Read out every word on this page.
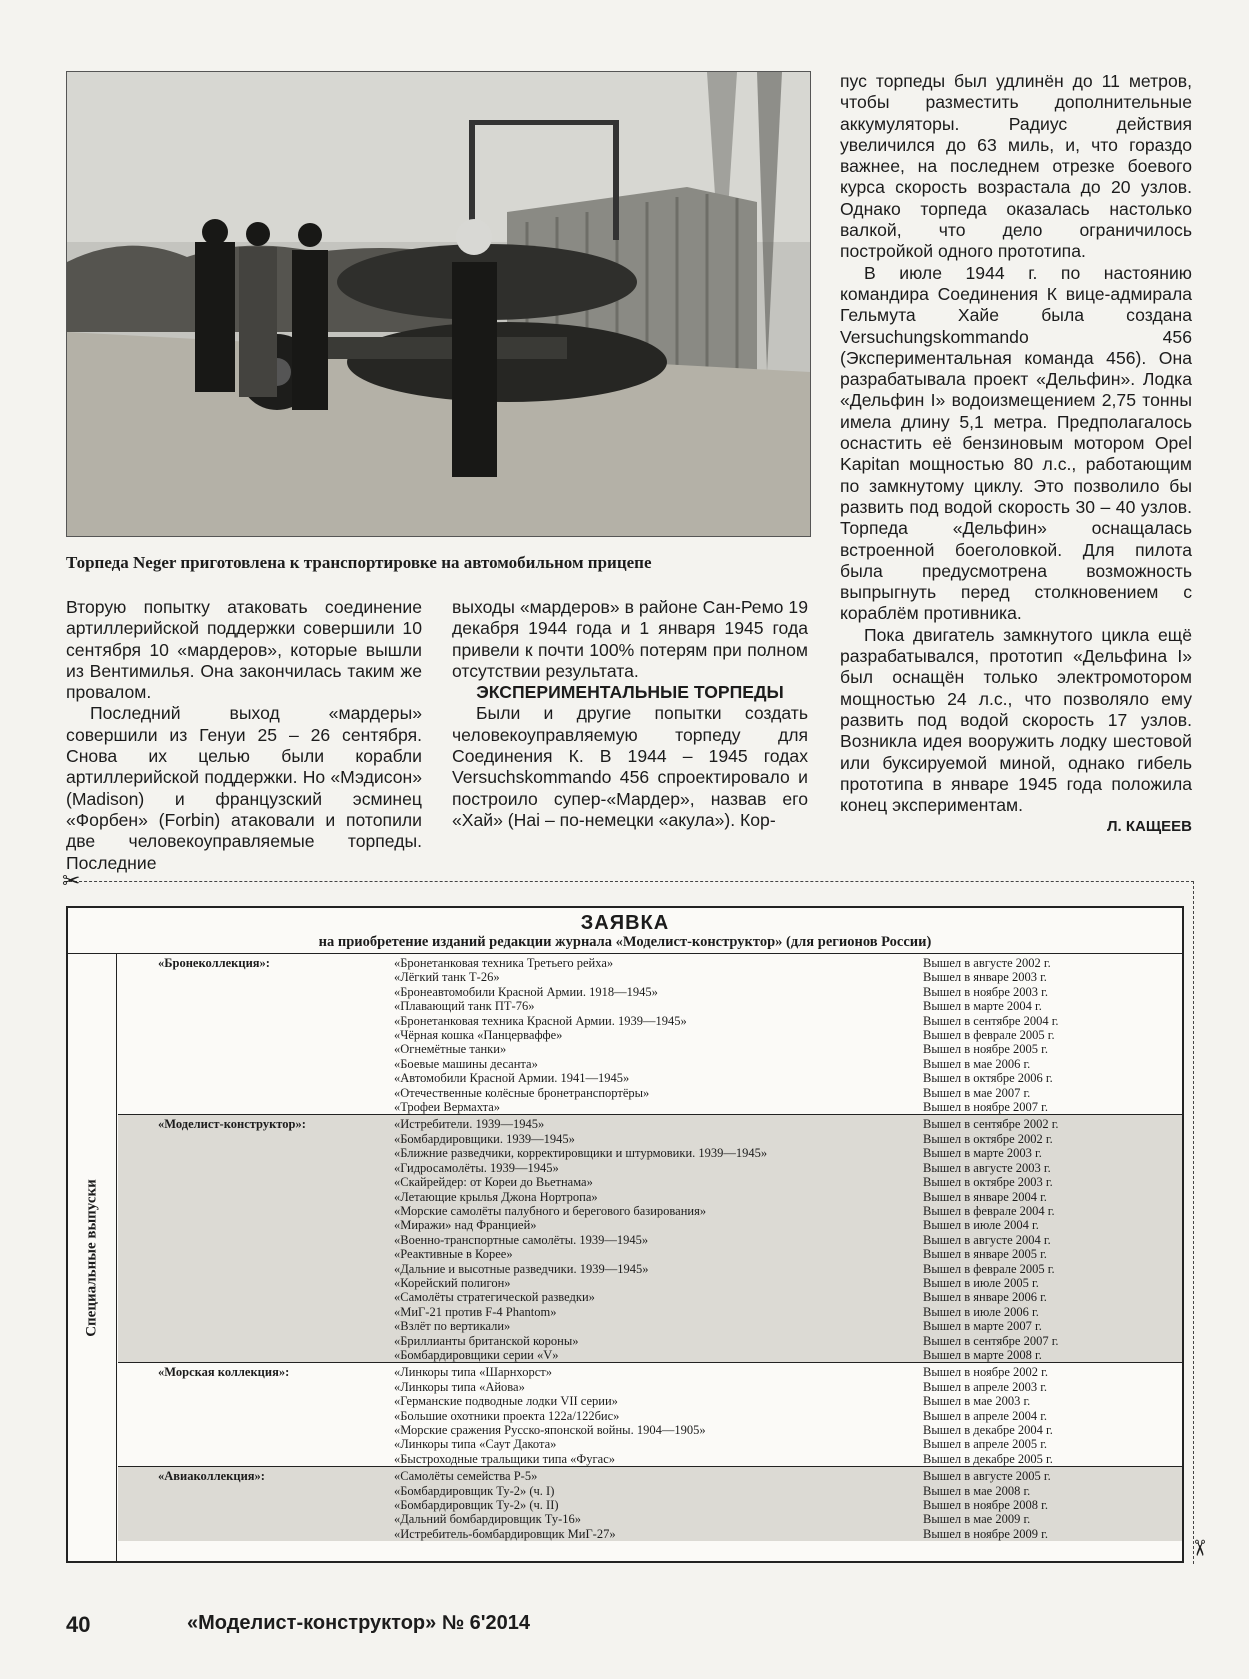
Торпеда Neger приготовлена к транспортировке на автомобильном прицепе

Вторую попытку атаковать соединение артиллерийской поддержки совершили 10 сентября 10 «мардеров», которые вышли из Вентимилья. Она закончилась таким же провалом.

Последний выход «мардеры» совершили из Генуи 25 – 26 сентября. Снова их целью были корабли артиллерийской поддержки. Но «Мэдисон» (Madison) и французский эсминец «Форбен» (Forbin) атаковали и потопили две человекоуправляемые торпеды. Последние

выходы «мардеров» в районе Сан-Ремо 19 декабря 1944 года и 1 января 1945 года привели к почти 100% потерям при полном отсутствии результата.

ЭКСПЕРИМЕНТАЛЬНЫЕ ТОРПЕДЫ

Были и другие попытки создать человекоуправляемую торпеду для Соединения К. В 1944 – 1945 годах Versuchskommando 456 спроектировало и построило супер-«Мардер», назвав его «Хай» (Hai – по-немецки «акула»). Кор-

пус торпеды был удлинён до 11 метров, чтобы разместить дополнительные аккумуляторы. Радиус действия увеличился до 63 миль, и, что гораздо важнее, на последнем отрезке боевого курса скорость возрастала до 20 узлов. Однако торпеда оказалась настолько валкой, что дело ограничилось постройкой одного прототипа.

В июле 1944 г. по настоянию командира Соединения К вице-адмирала Гельмута Хайе была создана Versuchungskommando 456 (Экспериментальная команда 456). Она разрабатывала проект «Дельфин». Лодка «Дельфин I» водоизмещением 2,75 тонны имела длину 5,1 метра. Предполагалось оснастить её бензиновым мотором Opel Kapitan мощностью 80 л.с., работающим по замкнутому циклу. Это позволило бы развить под водой скорость 30 – 40 узлов. Торпеда «Дельфин» оснащалась встроенной боеголовкой. Для пилота была предусмотрена возможность выпрыгнуть перед столкновением с кораблём противника.

Пока двигатель замкнутого цикла ещё разрабатывался, прототип «Дельфина I» был оснащён только электромотором мощностью 24 л.с., что позволяло ему развить под водой скорость 17 узлов. Возникла идея вооружить лодку шестовой или буксируемой миной, однако гибель прототипа в январе 1945 года положила конец экспериментам.

Л. КАЩЕЕВ

✂
✂
ЗАЯВКА
на приобретение изданий редакции журнала «Моделист-конструктор» (для регионов России)
Специальные выпуски
«Бронеколлекция»:	«Бронетанковая техника Третьего рейха»	Вышел в августе 2002 г.
«Лёгкий танк Т-26»	Вышел в январе 2003 г.
«Бронеавтомобили Красной Армии. 1918—1945»	Вышел в ноябре 2003 г.
«Плавающий танк ПТ-76»	Вышел в марте 2004 г.
«Бронетанковая техника Красной Армии. 1939—1945»	Вышел в сентябре 2004 г.
«Чёрная кошка «Панцерваффе»	Вышел в феврале 2005 г.
«Огнемётные танки»	Вышел в ноябре 2005 г.
«Боевые машины десанта»	Вышел в мае 2006 г.
«Автомобили Красной Армии. 1941—1945»	Вышел в октябре 2006 г.
«Отечественные колёсные бронетранспортёры»	Вышел в мае 2007 г.
«Трофеи Вермахта»	Вышел в ноябре 2007 г.
«Моделист-конструктор»:	«Истребители. 1939—1945»	Вышел в сентябре 2002 г.
«Бомбардировщики. 1939—1945»	Вышел в октябре 2002 г.
«Ближние разведчики, корректировщики и штурмовики. 1939—1945»	Вышел в марте 2003 г.
«Гидросамолёты. 1939—1945»	Вышел в августе 2003 г.
«Скайрейдер: от Кореи до Вьетнама»	Вышел в октябре 2003 г.
«Летающие крылья Джона Нортропа»	Вышел в январе 2004 г.
«Морские самолёты палубного и берегового базирования»	Вышел в феврале 2004 г.
«Миражи» над Францией»	Вышел в июле 2004 г.
«Военно-транспортные самолёты. 1939—1945»	Вышел в августе 2004 г.
«Реактивные в Корее»	Вышел в январе 2005 г.
«Дальние и высотные разведчики. 1939—1945»	Вышел в феврале 2005 г.
«Корейский полигон»	Вышел в июле 2005 г.
«Самолёты стратегической разведки»	Вышел в январе 2006 г.
«МиГ-21 против F-4 Phantom»	Вышел в июле 2006 г.
«Взлёт по вертикали»	Вышел в марте 2007 г.
«Бриллианты британской короны»	Вышел в сентябре 2007 г.
«Бомбардировщики серии «V»	Вышел в марте 2008 г.
«Морская коллекция»:	«Линкоры типа «Шарнхорст»	Вышел в ноябре 2002 г.
«Линкоры типа «Айова»	Вышел в апреле 2003 г.
«Германские подводные лодки VII серии»	Вышел в мае 2003 г.
«Большие охотники проекта 122а/122бис»	Вышел в апреле 2004 г.
«Морские сражения Русско-японской войны. 1904—1905»	Вышел в декабре 2004 г.
«Линкоры типа «Саут Дакота»	Вышел в апреле 2005 г.
«Быстроходные тральщики типа «Фугас»	Вышел в декабре 2005 г.
«Авиаколлекция»:	«Самолёты семейства Р-5»	Вышел в августе 2005 г.
«Бомбардировщик Ту-2» (ч. I)	Вышел в мае 2008 г.
«Бомбардировщик Ту-2» (ч. II)	Вышел в ноябре 2008 г.
«Дальний бомбардировщик Ту-16»	Вышел в мае 2009 г.
«Истребитель-бомбардировщик МиГ-27»	Вышел в ноябре 2009 г.
40	«Моделист-конструктор» № 6'2014
